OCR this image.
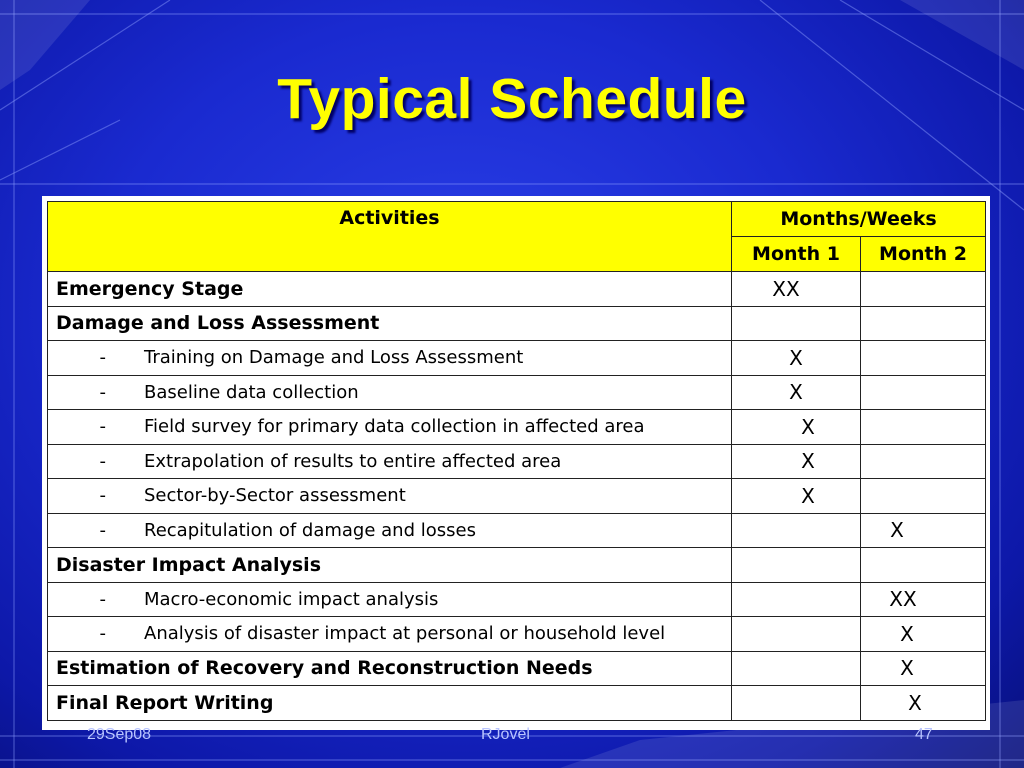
Typical Schedule
Activities	Months/Weeks	
	Month 1	Month 2
Emergency Stage	XX	
Damage and Loss Assessment		
- Training on Damage and Loss Assessment	X	
- Baseline data collection	X	
- Field survey for primary data collection in affected area	X	
- Extrapolation of results to entire affected area	X	
- Sector-by-Sector assessment	X	
- Recapitulation of damage and losses		X
Disaster Impact Analysis		
- Macro-economic impact analysis		XX
- Analysis of disaster impact at personal or household level		X
Estimation of Recovery and Reconstruction Needs		X
Final Report Writing		X
29Sep08	RJovel	47
